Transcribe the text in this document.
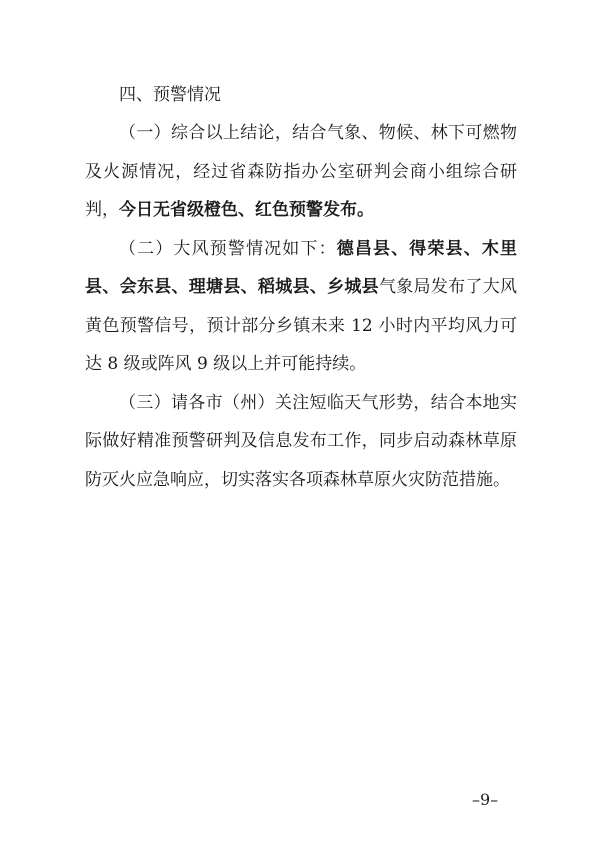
四、预警情况

（一）综合以上结论，结合气象、物候、林下可燃物及火源情况，经过省森防指办公室研判会商小组综合研判，今日无省级橙色、红色预警发布。

（二）大风预警情况如下：德昌县、得荣县、木里县、会东县、理塘县、稻城县、乡城县气象局发布了大风黄色预警信号，预计部分乡镇未来 12 小时内平均风力可达 8 级或阵风 9 级以上并可能持续。

（三）请各市（州）关注短临天气形势，结合本地实际做好精准预警研判及信息发布工作，同步启动森林草原防灭火应急响应，切实落实各项森林草原火灾防范措施。

–9–
